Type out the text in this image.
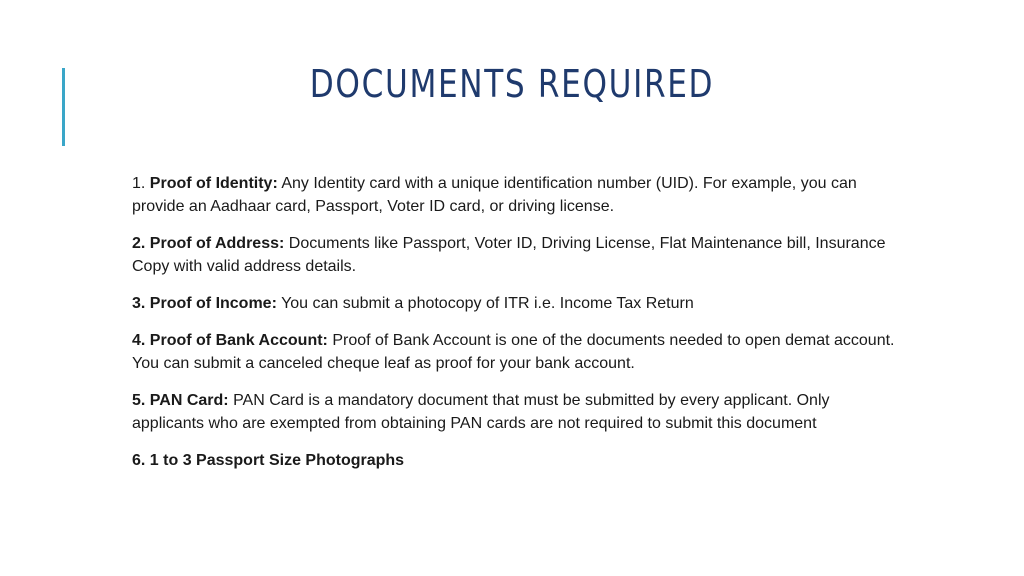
DOCUMENTS REQUIRED
1. Proof of Identity: Any Identity card with a unique identification number (UID). For example, you can provide an Aadhaar card, Passport, Voter ID card, or driving license.
2. Proof of Address: Documents like Passport, Voter ID, Driving License, Flat Maintenance bill, Insurance Copy with valid address details.
3. Proof of Income: You can submit a photocopy of ITR i.e. Income Tax Return
4. Proof of Bank Account: Proof of Bank Account is one of the documents needed to open demat account. You can submit a canceled cheque leaf as proof for your bank account.
5. PAN Card: PAN Card is a mandatory document that must be submitted by every applicant. Only applicants who are exempted from obtaining PAN cards are not required to submit this document
6. 1 to 3 Passport Size Photographs
